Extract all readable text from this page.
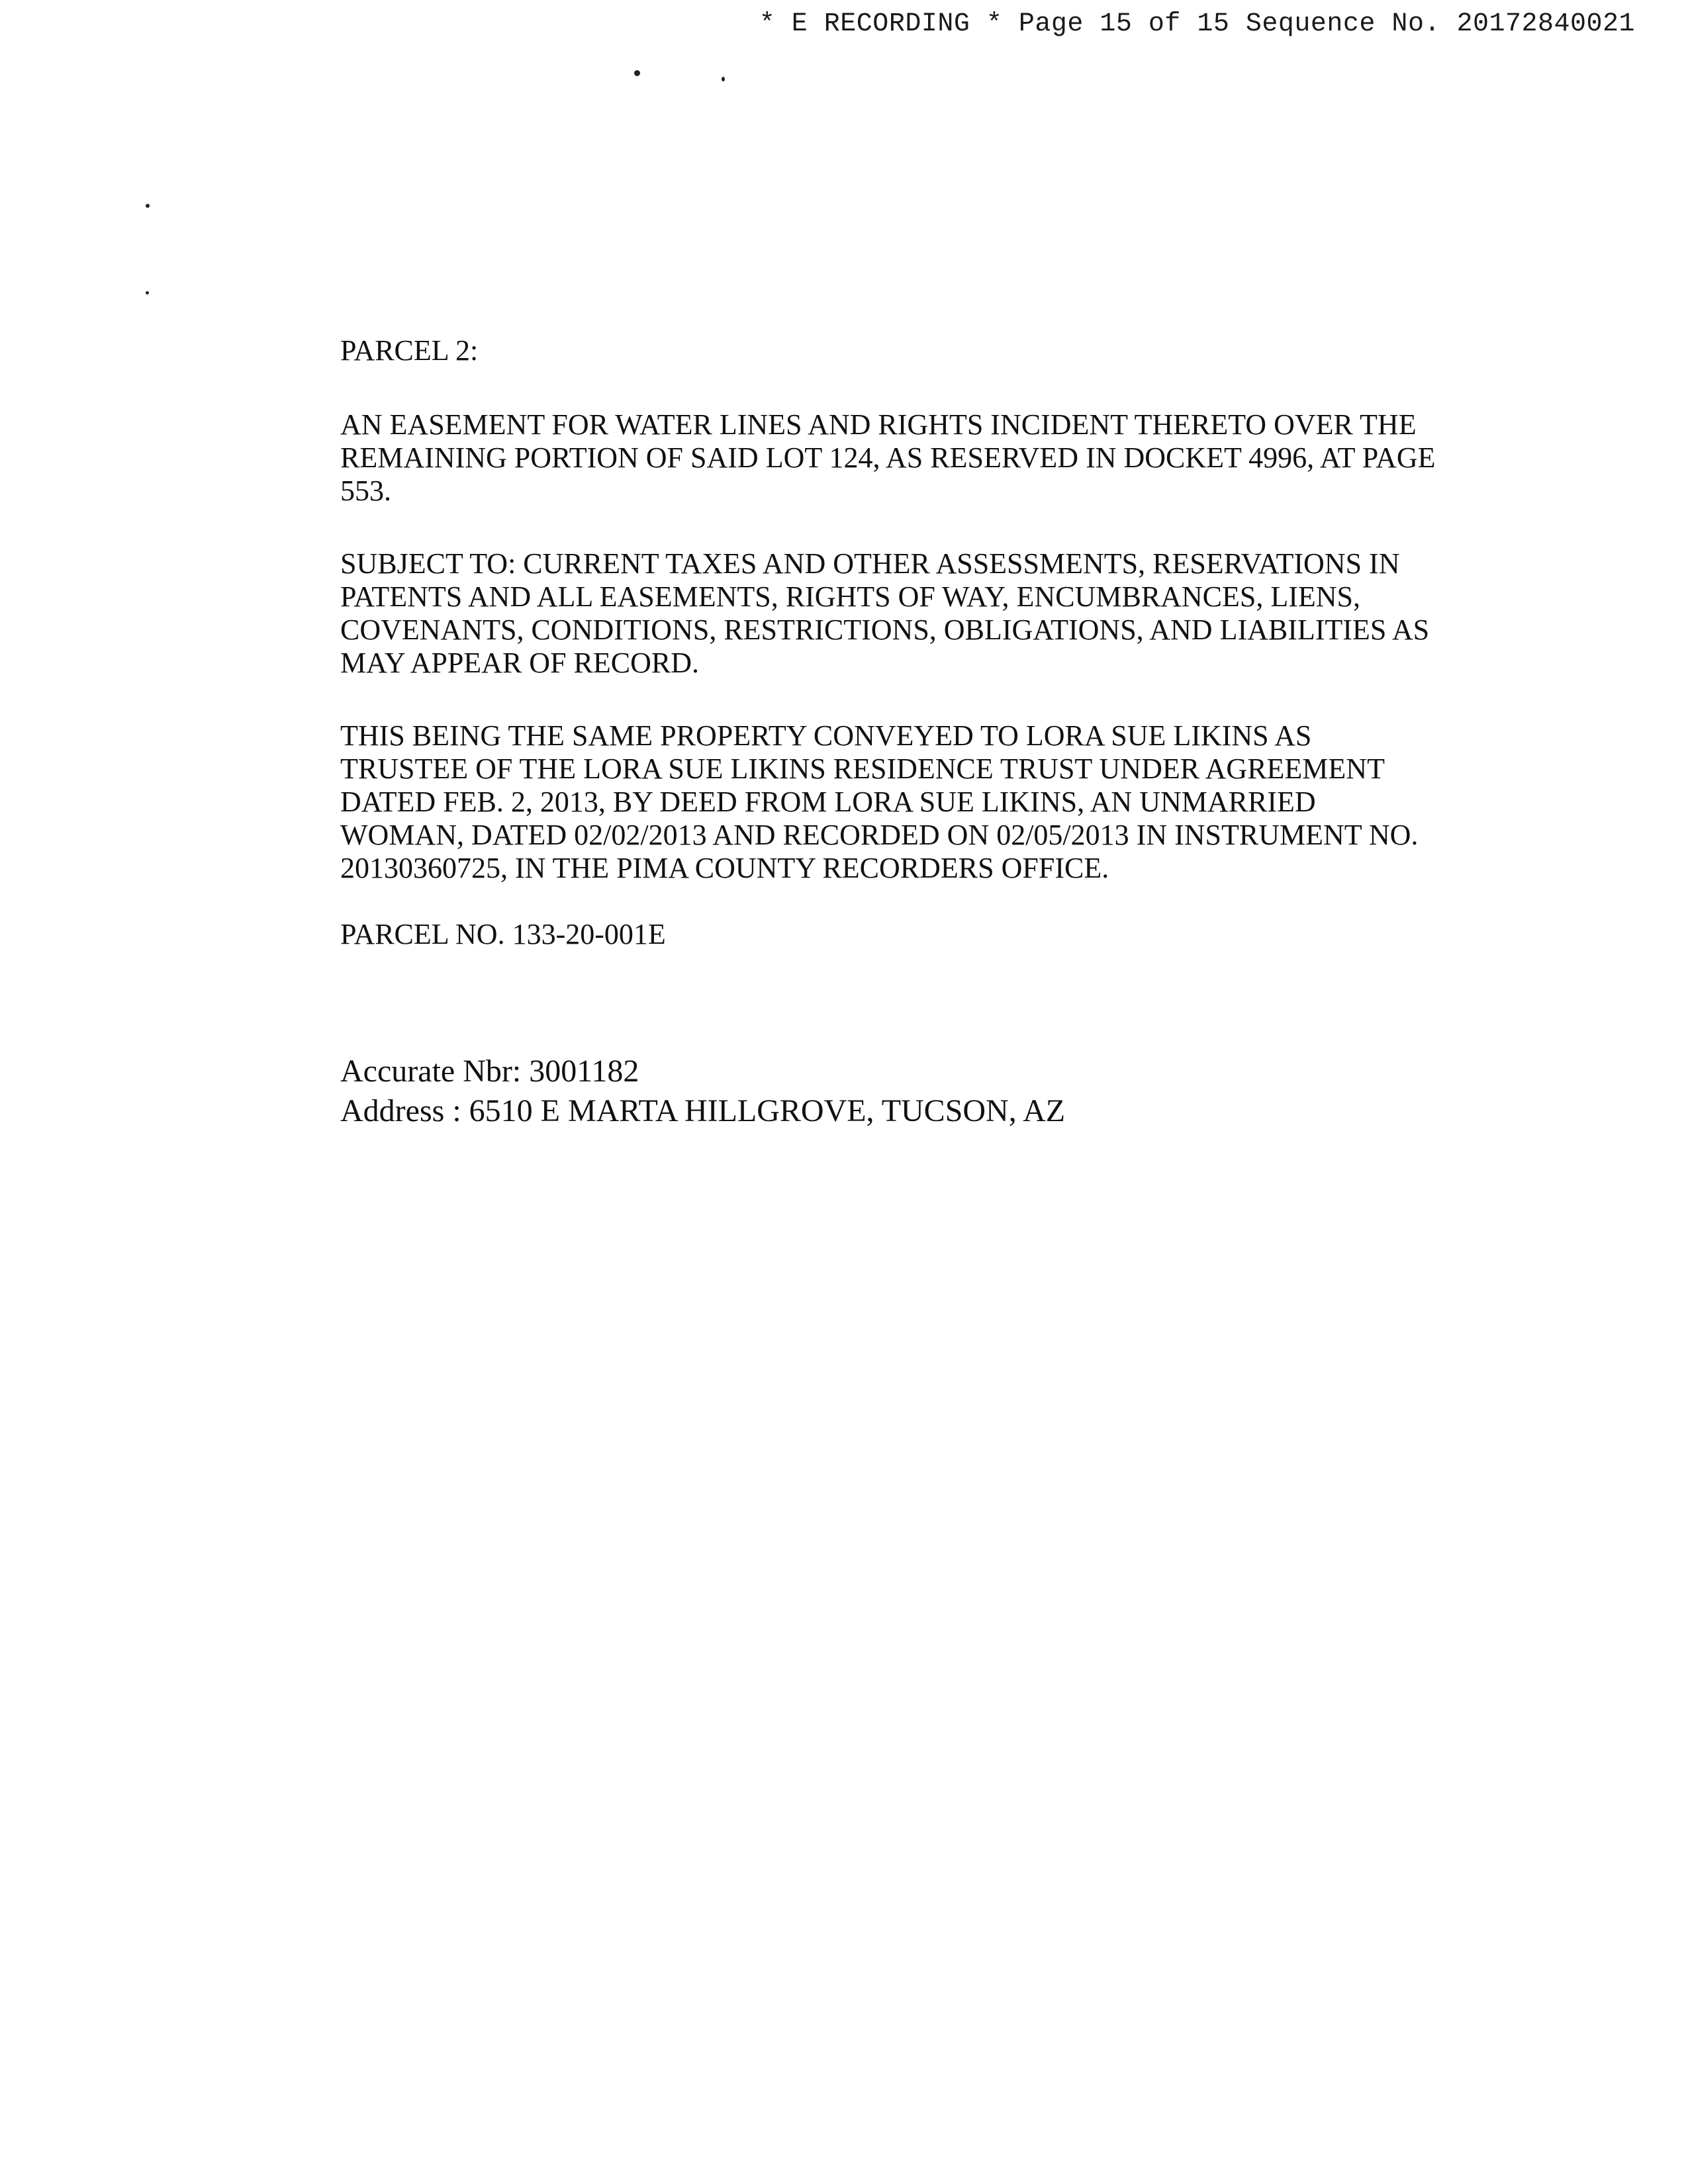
* E RECORDING * Page 15 of 15 Sequence No. 20172840021

PARCEL 2:

AN EASEMENT FOR WATER LINES AND RIGHTS INCIDENT THERETO OVER THE REMAINING PORTION OF SAID LOT 124, AS RESERVED IN DOCKET 4996, AT PAGE 553.

SUBJECT TO: CURRENT TAXES AND OTHER ASSESSMENTS, RESERVATIONS IN PATENTS AND ALL EASEMENTS, RIGHTS OF WAY, ENCUMBRANCES, LIENS, COVENANTS, CONDITIONS, RESTRICTIONS, OBLIGATIONS, AND LIABILITIES AS MAY APPEAR OF RECORD.

THIS BEING THE SAME PROPERTY CONVEYED TO LORA SUE LIKINS AS TRUSTEE OF THE LORA SUE LIKINS RESIDENCE TRUST UNDER AGREEMENT DATED FEB. 2, 2013, BY DEED FROM LORA SUE LIKINS, AN UNMARRIED WOMAN, DATED 02/02/2013 AND RECORDED ON 02/05/2013 IN INSTRUMENT NO. 20130360725, IN THE PIMA COUNTY RECORDERS OFFICE.

PARCEL NO. 133-20-001E

Accurate Nbr: 3001182

Address : 6510 E MARTA HILLGROVE, TUCSON, AZ
